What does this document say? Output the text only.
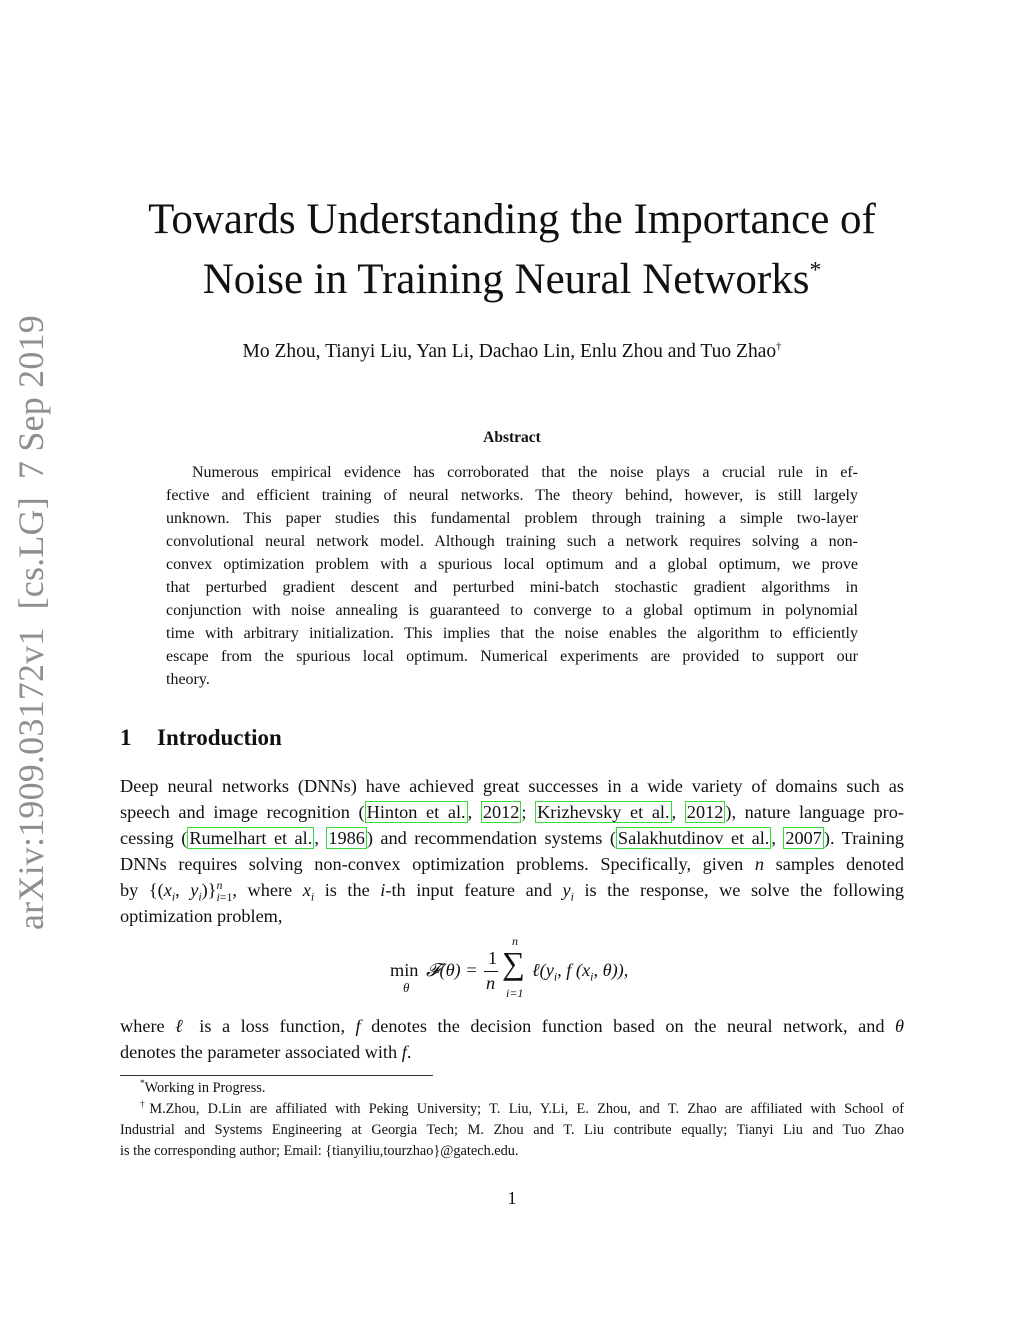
arXiv:1909.03172v1[cs.LG]7 Sep 2019
Towards Understanding the Importance of
Noise in Training Neural Networks*
Mo Zhou, Tianyi Liu, Yan Li, Dachao Lin, Enlu Zhou and Tuo Zhao†
Abstract
Numerous empirical evidence has corroborated that the noise plays a crucial rule in ef-
fective and efficient training of neural networks. The theory behind, however, is still largely
unknown. This paper studies this fundamental problem through training a simple two-layer
convolutional neural network model. Although training such a network requires solving a non-
convex optimization problem with a spurious local optimum and a global optimum, we prove
that perturbed gradient descent and perturbed mini-batch stochastic gradient algorithms in
conjunction with noise annealing is guaranteed to converge to a global optimum in polynomial
time with arbitrary initialization. This implies that the noise enables the algorithm to efficiently
escape from the spurious local optimum. Numerical experiments are provided to support our
theory.
1 Introduction
Deep neural networks (DNNs) have achieved great successes in a wide variety of domains such as
speech and image recognition ( Hinton et al. , 2012 ; Krizhevsky et al. , 2012 ), nature language pro-
cessing ( Rumelhart et al. , 1986 ) and recommendation systems ( Salakhutdinov et al. , 2007 ). Training
DNNs requires solving non-convex optimization problems. Specifically, given n samples denoted
by {($x_i$, $y_i)\}^n_{i=1}$, where $x_i$ is the i-th input feature and $y_i$ is the response, we solve the following
optimization problem,
min
θ
𝓕(θ) =
1
n
n
∑
i=1
$\ell(y_i$, f ($x_i$, θ)),
where ℓ is a loss function, f denotes the decision function based on the neural network, and θ
denotes the parameter associated with f.
*Working in Progress.
†M.Zhou, D.Lin are affiliated with Peking University; T. Liu, Y.Li, E. Zhou, and T. Zhao are affiliated with School of
Industrial and Systems Engineering at Georgia Tech; M. Zhou and T. Liu contribute equally; Tianyi Liu and Tuo Zhao
is the corresponding author; Email: {tianyiliu,tourzhao}@gatech.edu.
1
